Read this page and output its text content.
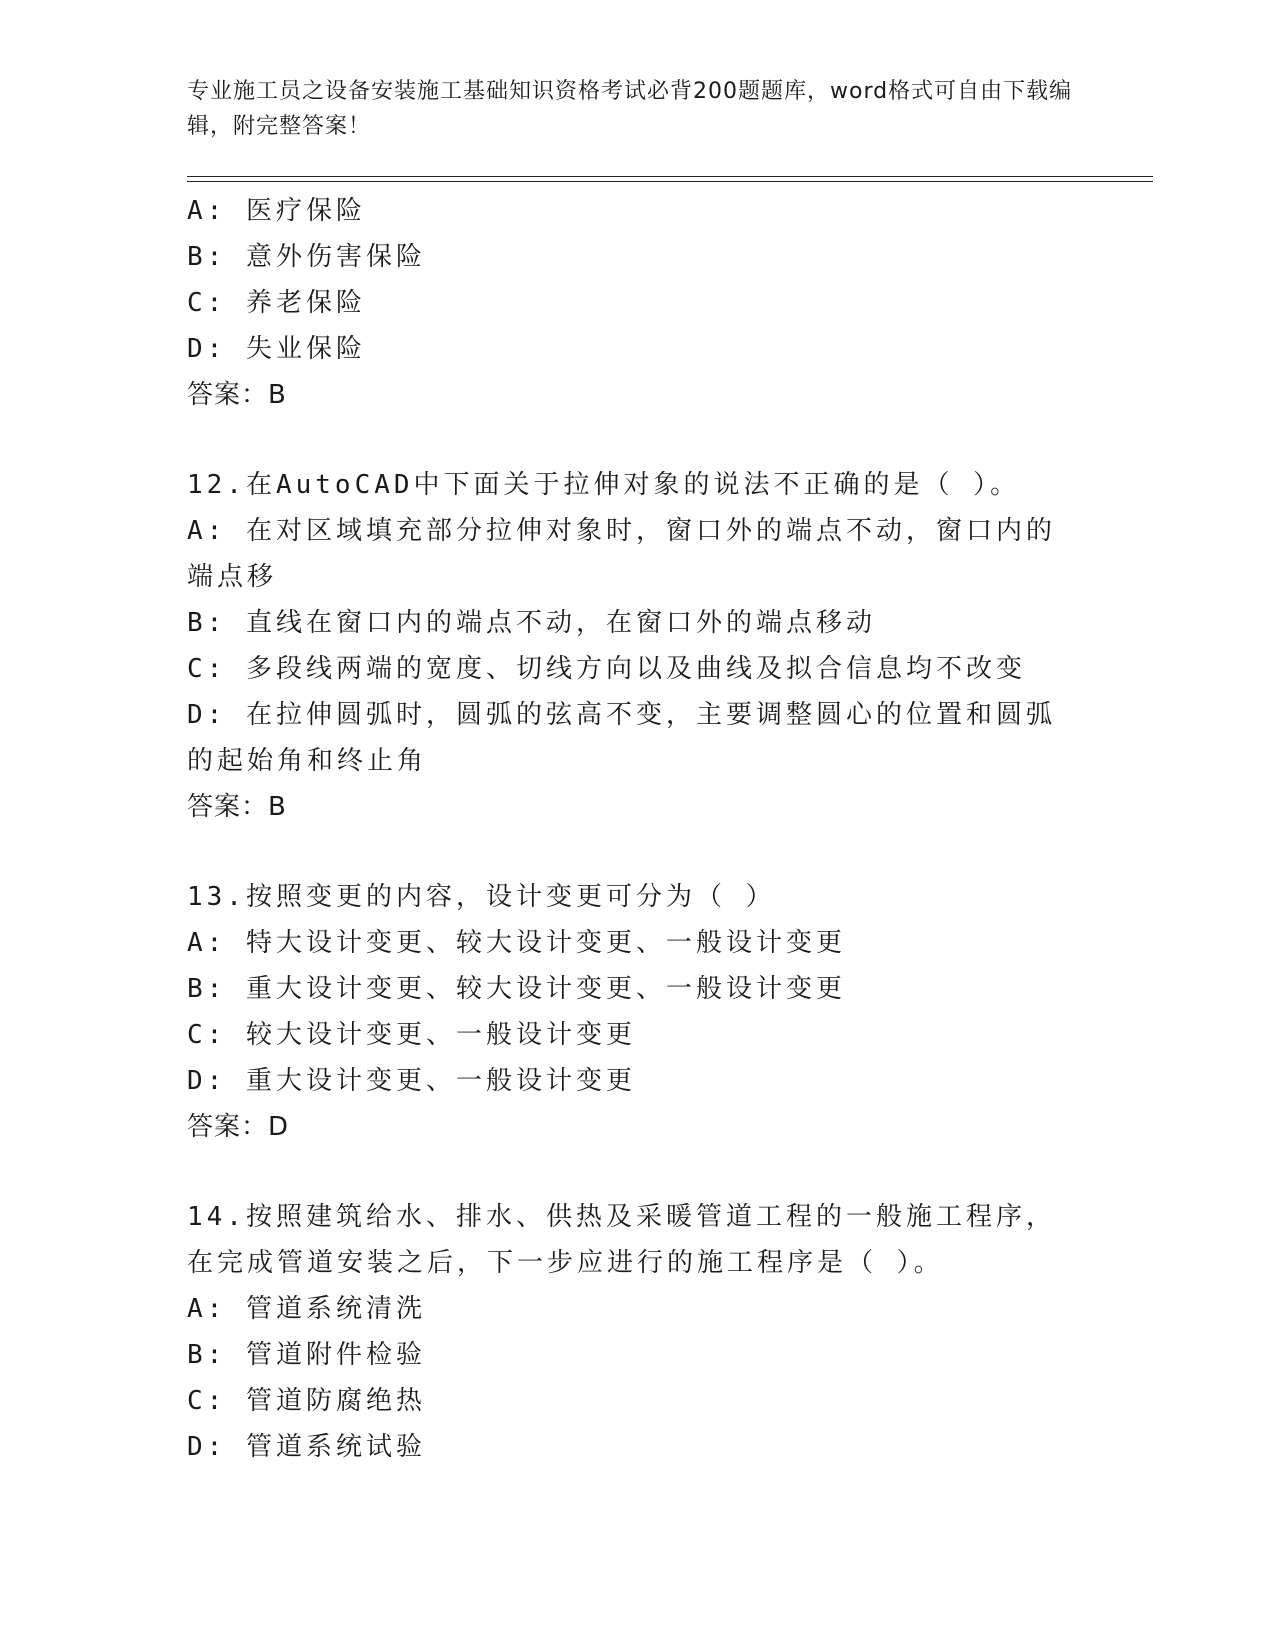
专业施工员之设备安装施工基础知识资格考试必背200题题库，word格式可自由下载编辑，附完整答案！
A: 医疗保险
B: 意外伤害保险
C: 养老保险
D: 失业保险
答案：B
12.在AutoCAD中下面关于拉伸对象的说法不正确的是（ ）。
A: 在对区域填充部分拉伸对象时，窗口外的端点不动，窗口内的端点移
B: 直线在窗口内的端点不动，在窗口外的端点移动
C: 多段线两端的宽度、切线方向以及曲线及拟合信息均不改变
D: 在拉伸圆弧时，圆弧的弦高不变，主要调整圆心的位置和圆弧的起始角和终止角
答案：B
13.按照变更的内容，设计变更可分为（ ）
A: 特大设计变更、较大设计变更、一般设计变更
B: 重大设计变更、较大设计变更、一般设计变更
C: 较大设计变更、一般设计变更
D: 重大设计变更、一般设计变更
答案：D
14.按照建筑给水、排水、供热及采暖管道工程的一般施工程序，在完成管道安装之后，下一步应进行的施工程序是（ ）。
A: 管道系统清洗
B: 管道附件检验
C: 管道防腐绝热
D: 管道系统试验
